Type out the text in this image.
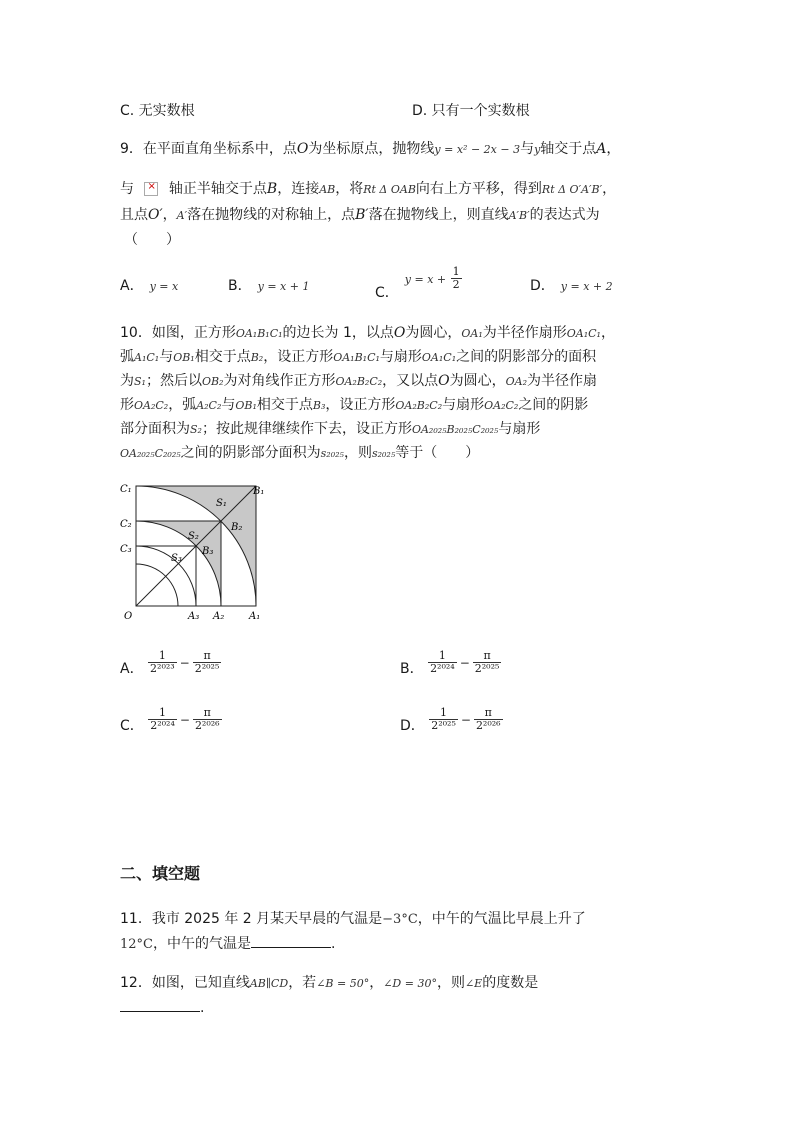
C. 无实数根	D. 只有一个实数根
9．在平面直角坐标系中，点O为坐标原点，抛物线y = x² − 2x − 3与y轴交于点A，
与 × 轴正半轴交于点B，连接AB，将Rt Δ OAB向右上方平移，得到Rt Δ O′A′B′，
且点O′，A′落在抛物线的对称轴上，点B′落在抛物线上，则直线A′B′的表达式为
（　　）
A． y = x	B． y = x + 1	C．$y = x + \frac{1}{2}$	D． y = x + 2
10．如图，正方形OA₁B₁C₁的边长为 1，以点O为圆心，OA₁为半径作扇形OA₁C₁，
弧A₁C₁与OB₁相交于点B₂，设正方形OA₁B₁C₁与扇形OA₁C₁之间的阴影部分的面积
为S₁；然后以OB₂为对角线作正方形OA₂B₂C₂，又以点O为圆心，OA₂为半径作扇
形OA₂C₂，弧A₂C₂与OB₁相交于点B₃，设正方形OA₂B₂C₂与扇形OA₂C₂之间的阴影
部分面积为S₂；按此规律继续作下去，设正方形OA₂₀₂₅B₂₀₂₅C₂₀₂₅与扇形
OA₂₀₂₅C₂₀₂₅之间的阴影部分面积为s₂₀₂₅，则s₂₀₂₅等于（　　）
C₁
C₂
C₃
B₁
B₂
B₃
S₁
S₂
S₃
O	A₃ A₂ A₁
A． $\frac{1}{\text{2²⁰²³}} - \frac{\pi}{\text{2²⁰²⁵}}$	B． $\frac{1}{\text{2²⁰²⁴}} - \frac{\pi}{\text{2²⁰²⁵}}$
C． $\frac{1}{\text{2²⁰²⁴}} - \frac{\pi}{\text{2²⁰²⁶}}$	D． $\frac{1}{\text{2²⁰²⁵}} - \frac{\pi}{\text{2²⁰²⁶}}$
二、填空题
11．我市 2025 年 2 月某天早晨的气温是−3°C，中午的气温比早晨上升了
12°C，中午的气温是	.
12．如图，已知直线AB∥CD，若∠B = 50°，∠D = 30°，则∠E的度数是
.
